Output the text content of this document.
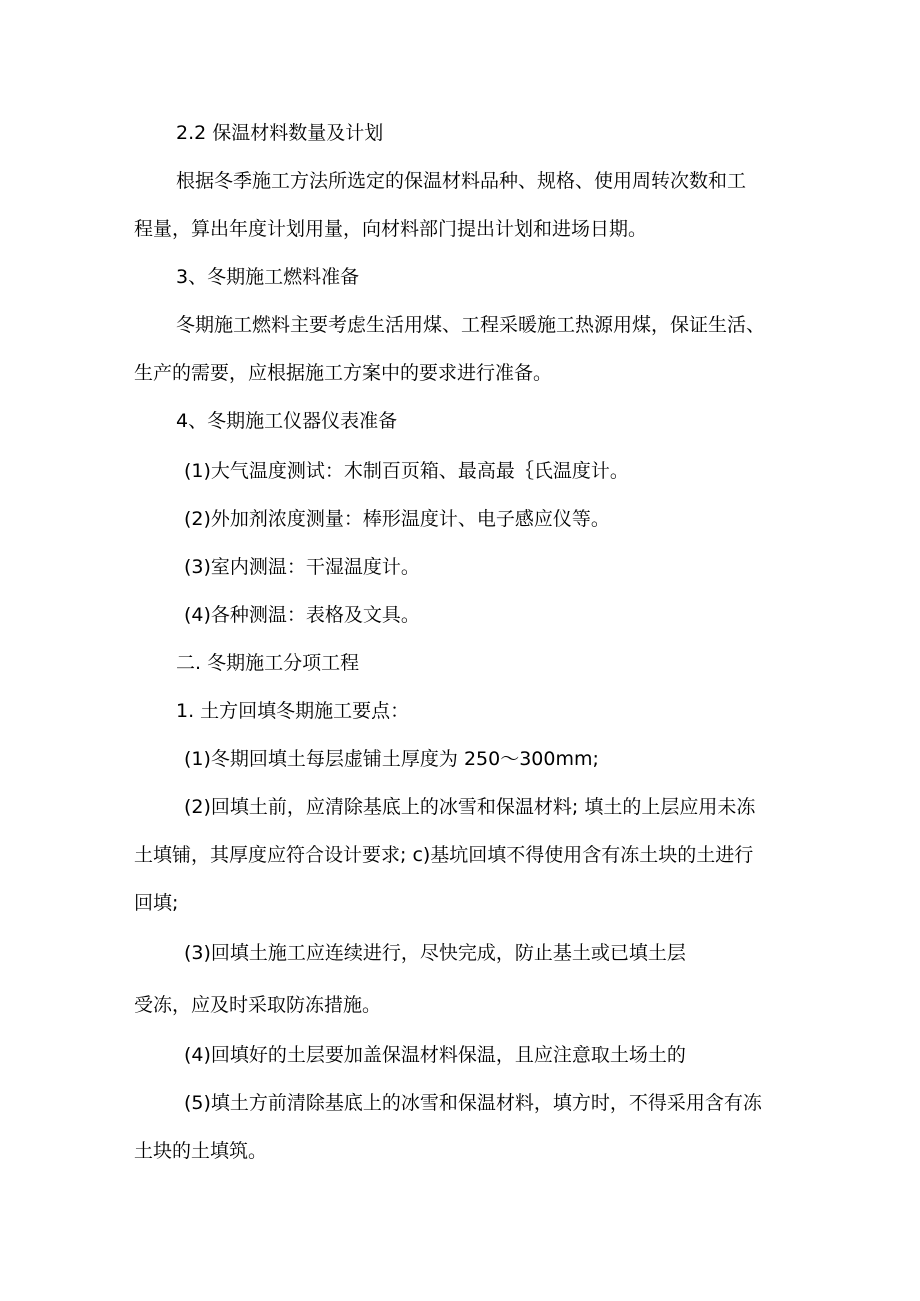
2.2 保温材料数量及计划
根据冬季施工方法所选定的保温材料品种、规格、使用周转次数和工
程量，算出年度计划用量，向材料部门提出计划和进场日期。
3、冬期施工燃料准备
冬期施工燃料主要考虑生活用煤、工程采暖施工热源用煤，保证生活、
生产的需要，应根据施工方案中的要求进行准备。
4、冬期施工仪器仪表准备
(1)大气温度测试：木制百页箱、最高最｛氏温度计。
(2)外加剂浓度测量：棒形温度计、电子感应仪等。
(3)室内测温：干湿温度计。
(4)各种测温：表格及文具。
二. 冬期施工分项工程
1. 土方回填冬期施工要点：
(1)冬期回填土每层虚铺土厚度为 250～300mm;
(2)回填土前，应清除基底上的冰雪和保温材料; 填土的上层应用未冻
土填铺，其厚度应符合设计要求; c)基坑回填不得使用含有冻土块的土进行
回填;
(3)回填土施工应连续进行，尽快完成，防止基土或已填土层
受冻，应及时采取防冻措施。
(4)回填好的土层要加盖保温材料保温，且应注意取土场土的
(5)填土方前清除基底上的冰雪和保温材料，填方时，不得采用含有冻
土块的土填筑。
